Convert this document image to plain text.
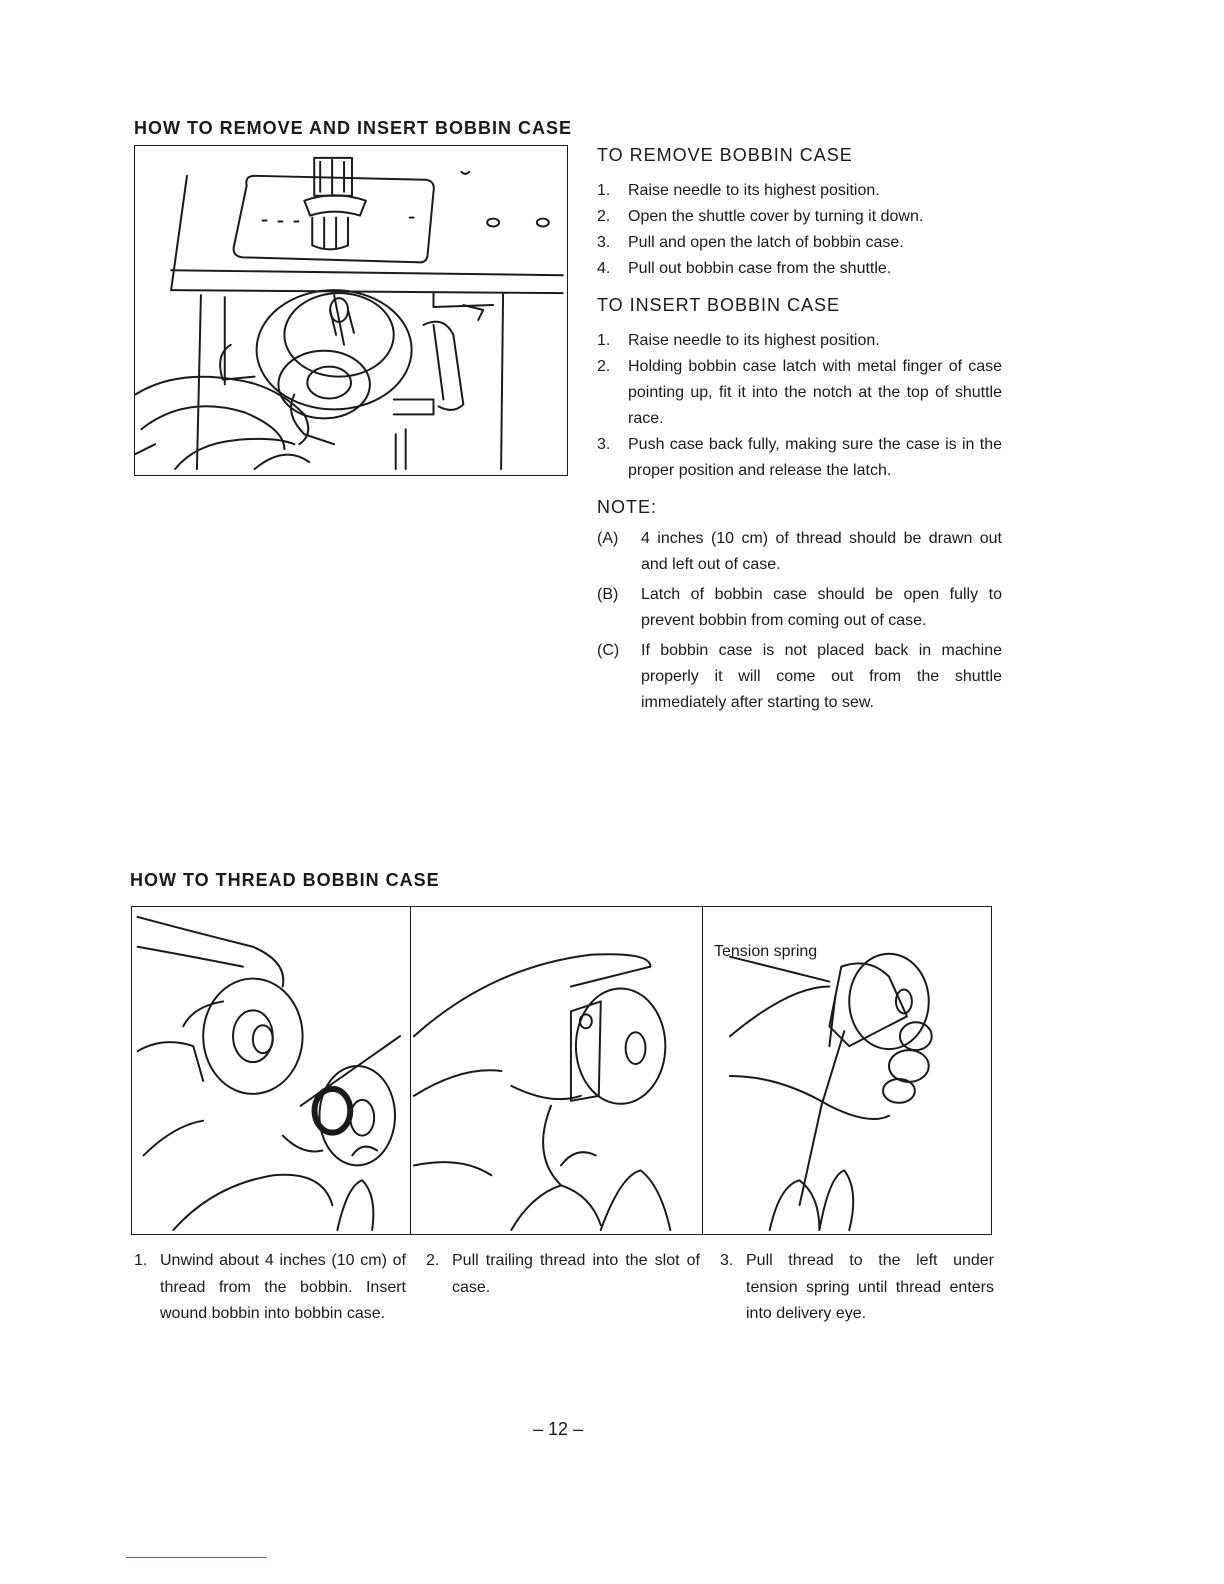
HOW TO REMOVE AND INSERT BOBBIN CASE
TO REMOVE BOBBIN CASE
1. Raise needle to its highest position.
2. Open the shuttle cover by turning it down.
3. Pull and open the latch of bobbin case.
4. Pull out bobbin case from the shuttle.
TO INSERT BOBBIN CASE
1. Raise needle to its highest position.
2. Holding bobbin case latch with metal finger of case pointing up, fit it into the notch at the top of shuttle race.
3. Push case back fully, making sure the case is in the proper position and release the latch.
NOTE:
(A) 4 inches (10 cm) of thread should be drawn out and left out of case.
(B) Latch of bobbin case should be open fully to prevent bobbin from coming out of case.
(C) If bobbin case is not placed back in machine properly it will come out from the shuttle immediately after starting to sew.
HOW TO THREAD BOBBIN CASE
Tension spring
1. Unwind about 4 inches (10 cm) of thread from the bobbin. Insert wound bobbin into bobbin case.
2. Pull trailing thread into the slot of case.
3. Pull thread to the left under tension spring until thread enters into delivery eye.
– 12 –
